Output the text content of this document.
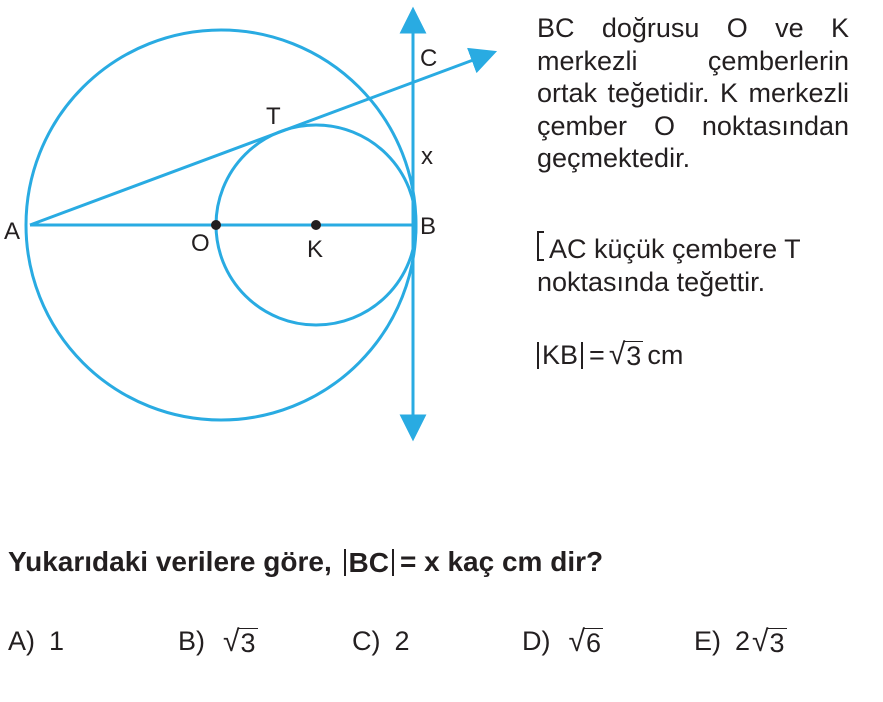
A	O	K
B
T
C
x

BC doğrusu O ve K merkezli çemberlerin ortak teğetidir. K merkezli çember O noktasından geçmektedir.

AC küçük çembere T noktasında teğettir.

KB = √ 3 cm

Yukarıdaki verilere göre,
BC = x kaç cm dir?

A) 1	B) √ 3	C) 2	D) √ 6	E) 2 √ 3
